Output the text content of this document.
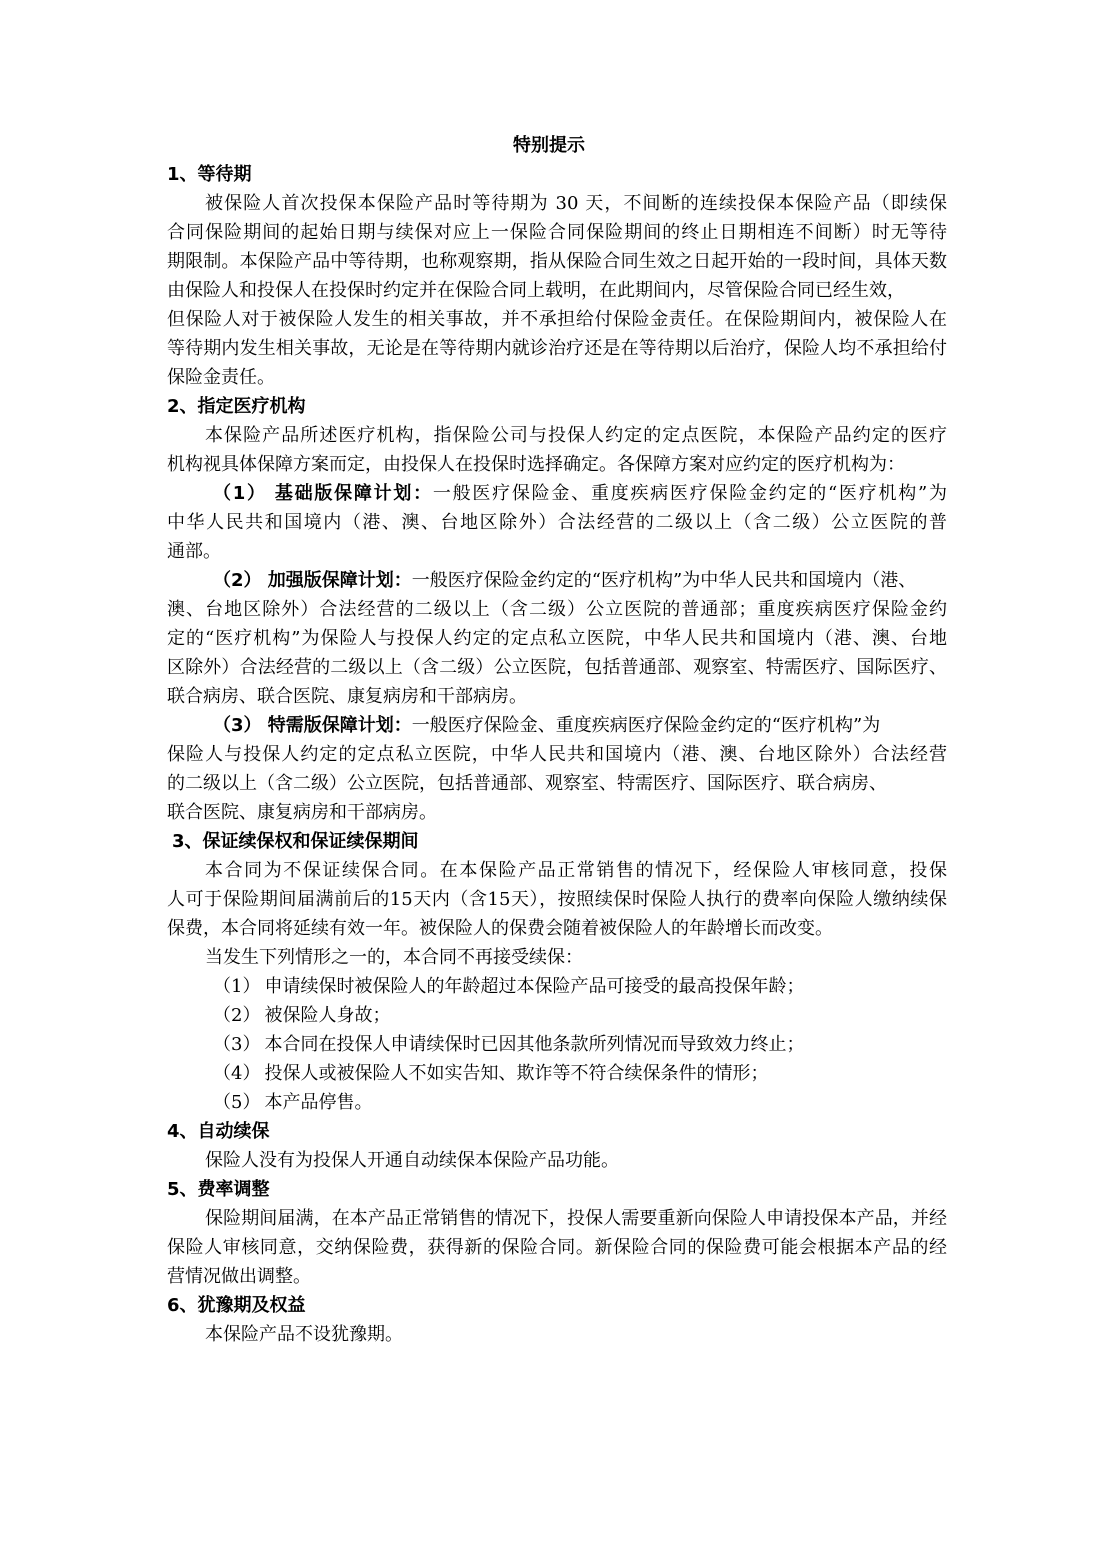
特别提示
1、等待期
被保险人首次投保本保险产品时等待期为 30 天，不间断的连续投保本保险产品（即续保
合同保险期间的起始日期与续保对应上一保险合同保险期间的终止日期相连不间断）时无等待
期限制。本保险产品中等待期，也称观察期，指从保险合同生效之日起开始的一段时间，具体天数
由保险人和投保人在投保时约定并在保险合同上载明，在此期间内，尽管保险合同已经生效，
但保险人对于被保险人发生的相关事故，并不承担给付保险金责任。在保险期间内，被保险人在
等待期内发生相关事故，无论是在等待期内就诊治疗还是在等待期以后治疗，保险人均不承担给付
保险金责任。
2、指定医疗机构
本保险产品所述医疗机构，指保险公司与投保人约定的定点医院，本保险产品约定的医疗
机构视具体保障方案而定，由投保人在投保时选择确定。各保障方案对应约定的医疗机构为：
（1） 基础版保障计划：一般医疗保险金、重度疾病医疗保险金约定的“医疗机构”为
中华人民共和国境内（港、澳、台地区除外）合法经营的二级以上（含二级）公立医院的普
通部。
（2） 加强版保障计划：一般医疗保险金约定的“医疗机构”为中华人民共和国境内（港、
澳、台地区除外）合法经营的二级以上（含二级）公立医院的普通部；重度疾病医疗保险金约
定的“医疗机构”为保险人与投保人约定的定点私立医院，中华人民共和国境内（港、澳、台地
区除外）合法经营的二级以上（含二级）公立医院，包括普通部、观察室、特需医疗、国际医疗、
联合病房、联合医院、康复病房和干部病房。
（3） 特需版保障计划：一般医疗保险金、重度疾病医疗保险金约定的“医疗机构”为
保险人与投保人约定的定点私立医院，中华人民共和国境内（港、澳、台地区除外）合法经营
的二级以上（含二级）公立医院，包括普通部、观察室、特需医疗、国际医疗、联合病房、
联合医院、康复病房和干部病房。
3、保证续保权和保证续保期间
本合同为不保证续保合同。在本保险产品正常销售的情况下，经保险人审核同意，投保
人可于保险期间届满前后的15天内（含15天），按照续保时保险人执行的费率向保险人缴纳续保
保费，本合同将延续有效一年。被保险人的保费会随着被保险人的年龄增长而改变。
当发生下列情形之一的，本合同不再接受续保：
（1） 申请续保时被保险人的年龄超过本保险产品可接受的最高投保年龄；
（2） 被保险人身故；
（3） 本合同在投保人申请续保时已因其他条款所列情况而导致效力终止；
（4） 投保人或被保险人不如实告知、欺诈等不符合续保条件的情形；
（5） 本产品停售。
4、自动续保
保险人没有为投保人开通自动续保本保险产品功能。
5、费率调整
保险期间届满，在本产品正常销售的情况下，投保人需要重新向保险人申请投保本产品，并经
保险人审核同意，交纳保险费，获得新的保险合同。新保险合同的保险费可能会根据本产品的经
营情况做出调整。
6、犹豫期及权益
本保险产品不设犹豫期。
